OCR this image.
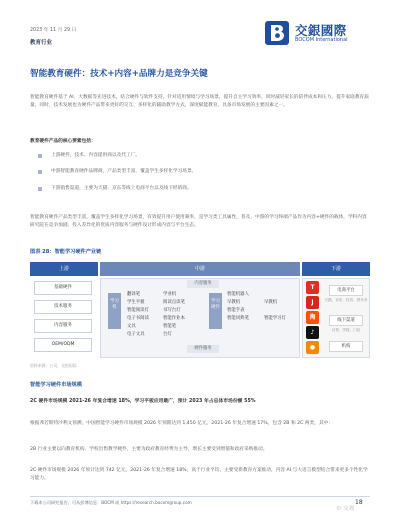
2023 年 11 月 29 日
教育行业
交銀國際
BOCOM International
智能教育硬件：技术+内容+品牌力是竞争关键
智能教育硬件基于 AI、大数据等先进技术，结合硬件与软件支持，针对适用情境与学习场景，提升自主学习效率，同时减轻家长的陪伴成本和压力。提升家庭教育质量，同时，技术发展也为硬件产品带来更好的交互、多样化的辅助教学方式，深度赋能教育，具备市场发展的主要因素之一。
教育硬件产品的核心要素包括：
上游硬件，技术、内容提供商以及代工厂。
中游智能教育硬件品牌商，产品类型丰富，覆盖学生多样化学习场景。
下游销售渠道，主要为天猫、京东等线上电商平台以及线下经销商。
智能教育硬件产品类型丰富，覆盖学生多样化学习场景，有效提升用户使用频率，是学习类工具属性，普及，中游的学习终端产品作为内容+硬件的载体，学科内容研究院在竞争加剧，投入差异化的优质内容服务与硬件设计形成内容与平台生态。
图表 28：智能学习硬件产业链
上游	中游	下游
基础硬件
技术服务
内容服务
OEM/ODM
内容服务
硬件服务
学习机
学习硬件
翻译笔
学生平板
智能阅读灯
电子书阅读
文具
电子文具
学业机
阅读点读笔
书写台灯
智能作业本
智能笔
台灯
智能机器人
早教机
智能手表
智能词典笔
早教机
智能学习灯
T
J
淘
♪
●
电商平台
天猫、京东、抖音、拼多多
线下渠道
百货、学校、门店
机构
资料来源：公司，交银国际
智能学习硬件市场规模
2C 硬件市场规模 2021-26 年复合增速 18%，学习平板应用最广，预计 2023 年占总体市场份额 55%
根据弗若斯特沙利文预测，中国智能学习硬件市场规模 2026 年预期达到 1,450 亿元，2021-26 年复合增速 17%，包含 2B 和 2C 两类，其中：
2B 行业主要以向教育机构、学校出售教学硬件，主要为政府教育经费为主导，增长主要受到增值和政府采购推动。
2C 硬件市场规模 2026 年预计达到 742 亿元，2021-26 年复合增速 18%，高于行业平均，主要受新教育方案推动，内容 AI 与大语言模型结合带来更多个性化学习能力。
下载本公司研究报告，可从彭博信息：BOCM 或 https://research.bocomgroup.com	18
© 交观
